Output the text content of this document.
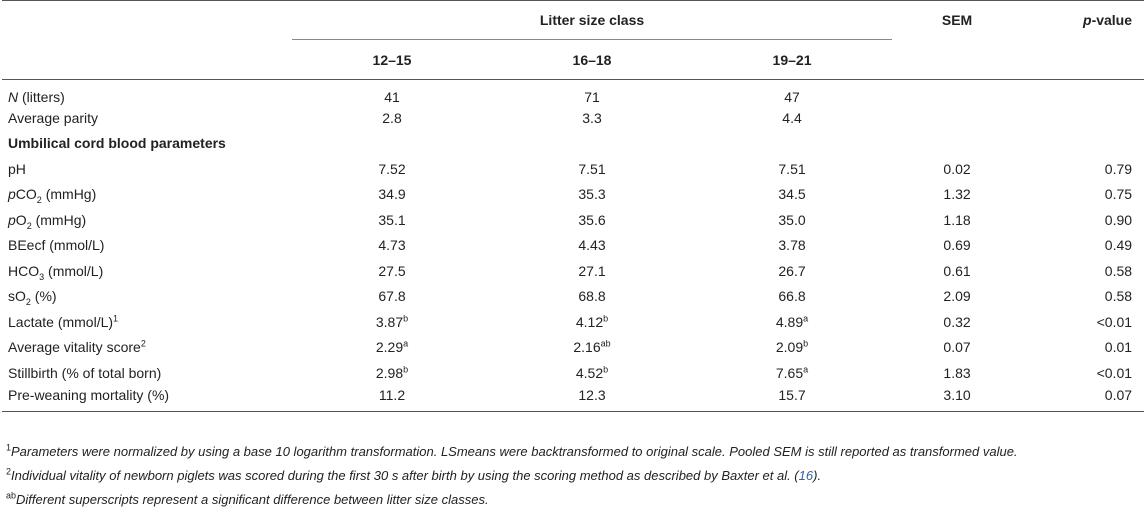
	Litter size class			SEM	p-value
	12–15	16–18	19–21		
N (litters)	41	71	47		
Average parity	2.8	3.3	4.4		
Umbilical cord blood parameters					
pH	7.52	7.51	7.51	0.02	0.79
pCO$_2$ (mmHg)	34.9	35.3	34.5	1.32	0.75
$pO_2$ (mmHg)	35.1	35.6	35.0	1.18	0.90
BEecf (mmol/L)	4.73	4.43	3.78	0.69	0.49
$HCO_3$ (mmol/L)	27.5	27.1	26.7	0.61	0.58
$sO_2$ (%)	67.8	68.8	66.8	2.09	0.58
Lactate (mmol/L)$^1$	3.87$^b$	4.12$^b$	4.89$^a$	0.32	<0.01
Average vitality score$^2$	2.29$^a$	2.16$^{ab}$	2.09$^b$	0.07	0.01
Stillbirth (% of total born)	2.98$^b$	4.52$^b$	7.65$^a$	1.83	<0.01
Pre-weaning mortality (%)	11.2	12.3	15.7	3.10	0.07
$^1$Parameters were normalized by using a base 10 logarithm transformation. LSmeans were backtransformed to original scale. Pooled SEM is still reported as transformed value.
$^2$Individual vitality of newborn piglets was scored during the first 30 s after birth by using the scoring method as described by Baxter et al. (16).
$^{ab}$Different superscripts represent a significant difference between litter size classes.
